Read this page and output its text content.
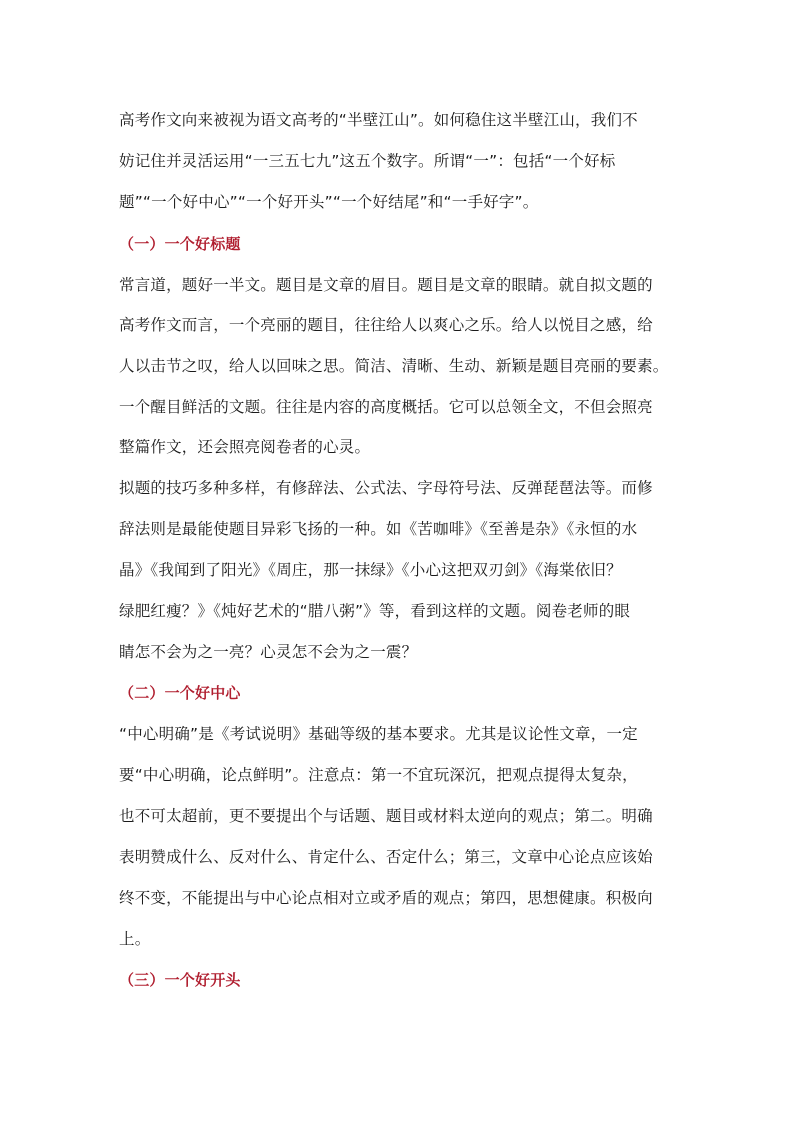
高考作文向来被视为语文高考的“半壁江山”。如何稳住这半壁江山，我们不
妨记住并灵活运用“一三五七九”这五个数字。所谓“一”：包括“一个好标
题”“一个好中心”“一个好开头”“一个好结尾”和“一手好字”。
（一）一个好标题
常言道，题好一半文。题目是文章的眉目。题目是文章的眼睛。就自拟文题的
高考作文而言，一个亮丽的题目，往往给人以爽心之乐。给人以悦目之感，给
人以击节之叹，给人以回味之思。简洁、清晰、生动、新颖是题目亮丽的要素。
一个醒目鲜活的文题。往往是内容的高度概括。它可以总领全文，不但会照亮
整篇作文，还会照亮阅卷者的心灵。
拟题的技巧多种多样，有修辞法、公式法、字母符号法、反弹琵琶法等。而修
辞法则是最能使题目异彩飞扬的一种。如《苦咖啡》《至善是杂》《永恒的水
晶》《我闻到了阳光》《周庄，那一抹绿》《小心这把双刃剑》《海棠依旧？
绿肥红瘦？》《炖好艺术的“腊八粥”》等，看到这样的文题。阅卷老师的眼
睛怎不会为之一亮？心灵怎不会为之一震？
（二）一个好中心
“中心明确”是《考试说明》基础等级的基本要求。尤其是议论性文章，一定
要“中心明确，论点鲜明”。注意点：第一不宜玩深沉，把观点提得太复杂，
也不可太超前，更不要提出个与话题、题目或材料太逆向的观点；第二。明确
表明赞成什么、反对什么、肯定什么、否定什么；第三，文章中心论点应该始
终不变，不能提出与中心论点相对立或矛盾的观点；第四，思想健康。积极向
上。
（三）一个好开头
